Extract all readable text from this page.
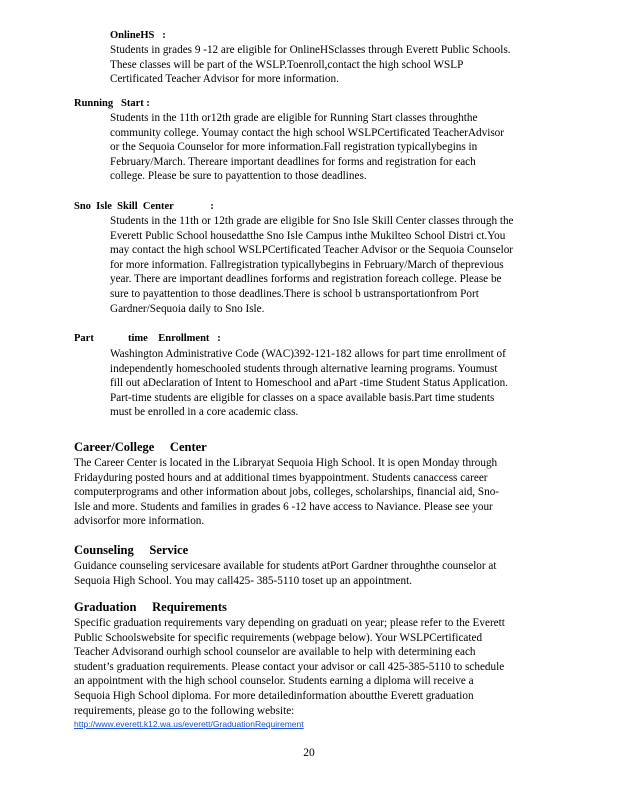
OnlineHS   :
Students in grades 9 -12 are eligible for OnlineHSclasses through Everett Public Schools.
These classes will be part of the WSLP.Toenroll,contact the high school WSLP
Certificated Teacher Advisor for more information.
Running   Start :
Students in the 11th or12th grade are eligible for Running Start classes throughthe
community college. Youmay contact the high school WSLPCertificated TeacherAdvisor
or the Sequoia Counselor for more information.Fall registration typicallybegins in
February/March. Thereare important deadlines for forms and registration for each
college. Please be sure to payattention to those deadlines.
Sno  Isle  Skill  Center              :
Students in the 11th or 12th grade are eligible for Sno Isle Skill Center classes through the
Everett Public School housedatthe Sno Isle Campus inthe Mukilteo School Distri ct.You
may contact the high school WSLPCertificated Teacher Advisor or the Sequoia Counselor
for more information. Fallregistration typicallybegins in February/March of theprevious
year. There are important deadlines forforms and registration foreach college. Please be
sure to payattention to those deadlines.There is school b ustransportationfrom Port
Gardner/Sequoia daily to Sno Isle.
Part             time    Enrollment   :
Washington Administrative Code (WAC)392-121-182 allows for part time enrollment of
independently homeschooled students through alternative learning programs. Youmust
fill out aDeclaration of Intent to Homeschool and aPart -time Student Status Application.
Part-time students are eligible for classes on a space available basis.Part time students
must be enrolled in a core academic class.
Career/College     Center
The Career Center is located in the Libraryat Sequoia High School. It is open Monday through
Fridayduring posted hours and at additional times byappointment. Students canaccess career
computerprograms and other information about jobs, colleges, scholarships, financial aid, Sno-
Isle and more. Students and families in grades 6 -12 have access to Naviance. Please see your
advisorfor more information.
Counseling     Service
Guidance counseling servicesare available for students atPort Gardner throughthe counselor at
Sequoia High School. You may call425- 385-5110 toset up an appointment.
Graduation     Requirements
Specific graduation requirements vary depending on graduati on year; please refer to the Everett
Public Schoolswebsite for specific requirements (webpage below). Your WSLPCertificated
Teacher Advisorand ourhigh school counselor are available to help with determining each
student’s graduation requirements. Please contact your advisor or call 425-385-5110 to schedule
an appointment with the high school counselor. Students earning a diploma will receive a
Sequoia High School diploma. For more detailedinformation aboutthe Everett graduation
requirements, please go to the following website:
http://www.everett.k12.wa.us/everett/GraduationRequirement
20
